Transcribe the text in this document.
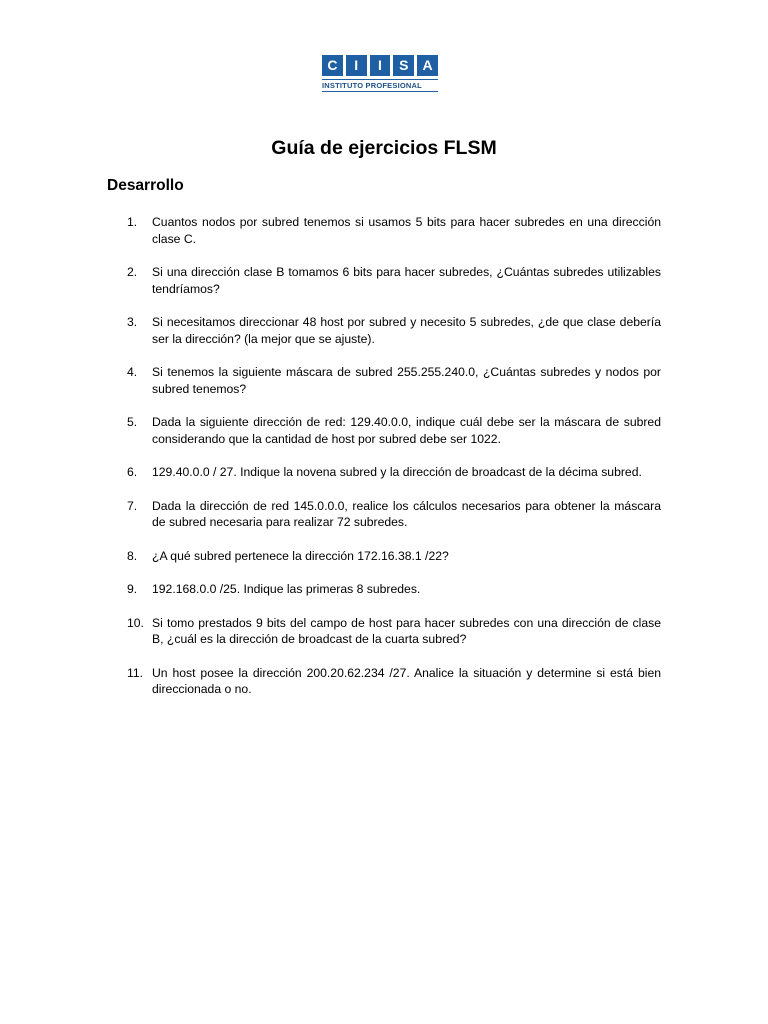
C	I	I	S	A
INSTITUTO PROFESIONAL
Guía de ejercicios FLSM
Desarrollo
1. Cuantos nodos por subred tenemos si usamos 5 bits para hacer subredes en una dirección clase C.
2. Si una dirección clase B tomamos 6 bits para hacer subredes, ¿Cuántas subredes utilizables tendríamos?
3. Si necesitamos direccionar 48 host por subred y necesito 5 subredes, ¿de que clase debería ser la dirección? (la mejor que se ajuste).
4. Si tenemos la siguiente máscara de subred 255.255.240.0, ¿Cuántas subredes y nodos por subred tenemos?
5. Dada la siguiente dirección de red: 129.40.0.0, indique cuál debe ser la máscara de subred considerando que la cantidad de host por subred debe ser 1022.
6. 129.40.0.0 / 27. Indique la novena subred y la dirección de broadcast de la décima subred.
7. Dada la dirección de red 145.0.0.0, realice los cálculos necesarios para obtener la máscara de subred necesaria para realizar 72 subredes.
8. ¿A qué subred pertenece la dirección 172.16.38.1 /22?
9. 192.168.0.0 /25. Indique las primeras 8 subredes.
10. Si tomo prestados 9 bits del campo de host para hacer subredes con una dirección de clase B, ¿cuál es la dirección de broadcast de la cuarta subred?
11. Un host posee la dirección 200.20.62.234 /27. Analice la situación y determine si está bien direccionada o no.
